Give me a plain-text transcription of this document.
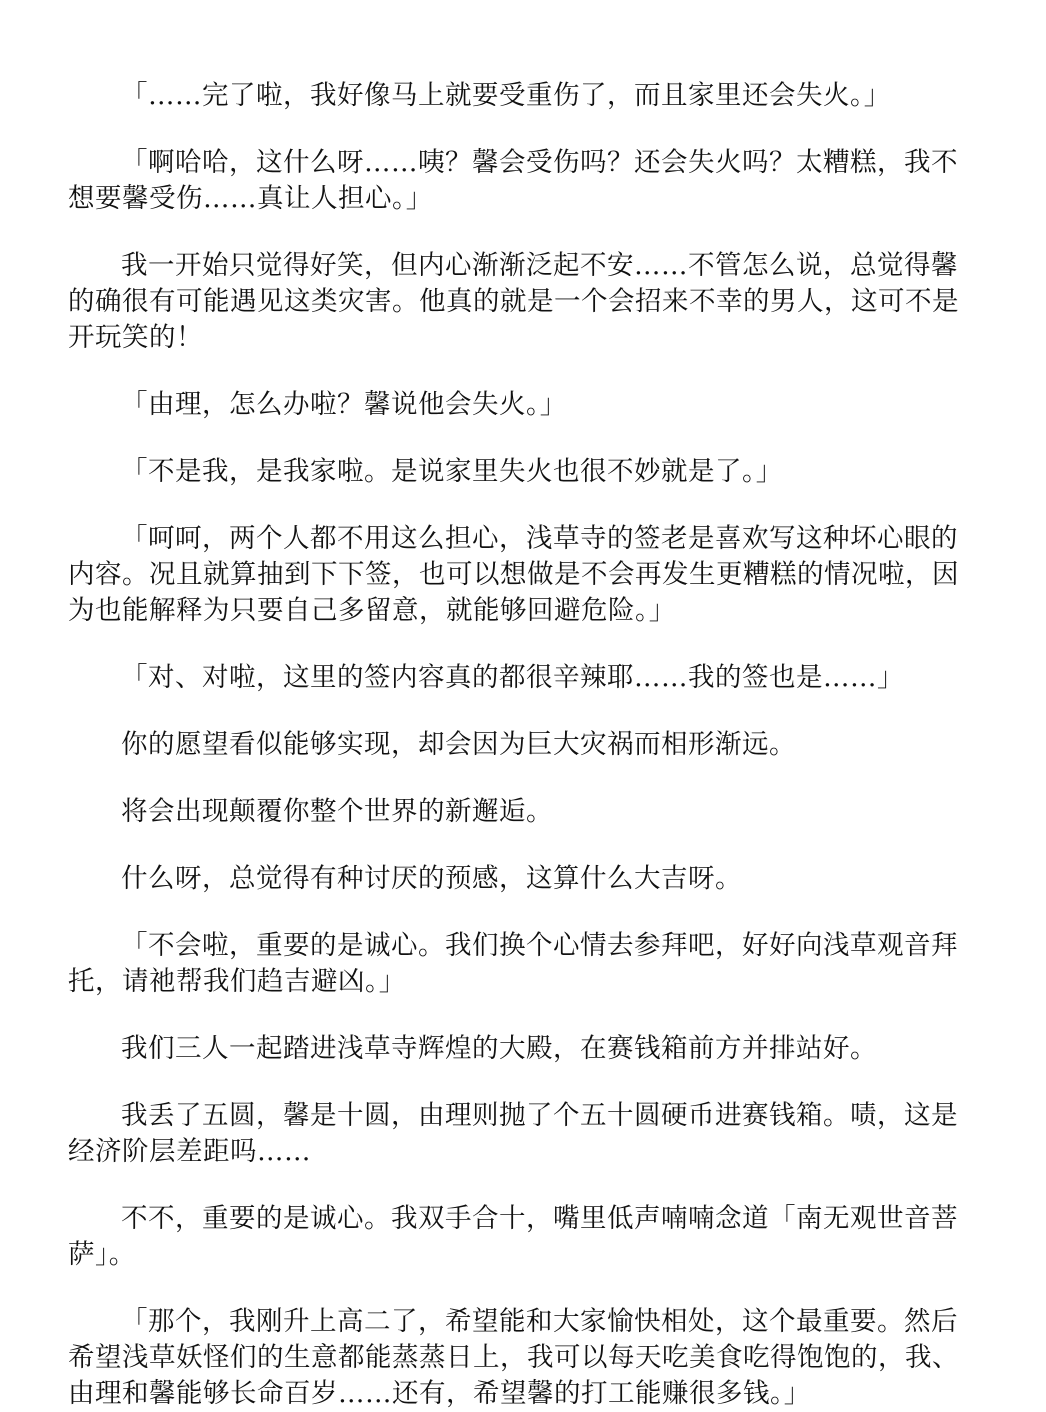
「……完了啦，我好像马上就要受重伤了，而且家里还会失火。」

「啊哈哈，这什么呀……咦？馨会受伤吗？还会失火吗？太糟糕，我不想要馨受伤……真让人担心。」

我一开始只觉得好笑，但内心渐渐泛起不安……不管怎么说，总觉得馨的确很有可能遇见这类灾害。他真的就是一个会招来不幸的男人，这可不是开玩笑的！

「由理，怎么办啦？馨说他会失火。」

「不是我，是我家啦。是说家里失火也很不妙就是了。」

「呵呵，两个人都不用这么担心，浅草寺的签老是喜欢写这种坏心眼的内容。况且就算抽到下下签，也可以想做是不会再发生更糟糕的情况啦，因为也能解释为只要自己多留意，就能够回避危险。」

「对、对啦，这里的签内容真的都很辛辣耶……我的签也是……」

你的愿望看似能够实现，却会因为巨大灾祸而相形渐远。

将会出现颠覆你整个世界的新邂逅。

什么呀，总觉得有种讨厌的预感，这算什么大吉呀。

「不会啦，重要的是诚心。我们换个心情去参拜吧，好好向浅草观音拜托，请祂帮我们趋吉避凶。」

我们三人一起踏进浅草寺辉煌的大殿，在赛钱箱前方并排站好。

我丢了五圆，馨是十圆，由理则抛了个五十圆硬币进赛钱箱。啧，这是经济阶层差距吗……

不不，重要的是诚心。我双手合十，嘴里低声喃喃念道「南无观世音菩萨」。

「那个，我刚升上高二了，希望能和大家愉快相处，这个最重要。然后希望浅草妖怪们的生意都能蒸蒸日上，我可以每天吃美食吃得饱饱的，我、由理和馨能够长命百岁……还有，希望馨的打工能赚很多钱。」
